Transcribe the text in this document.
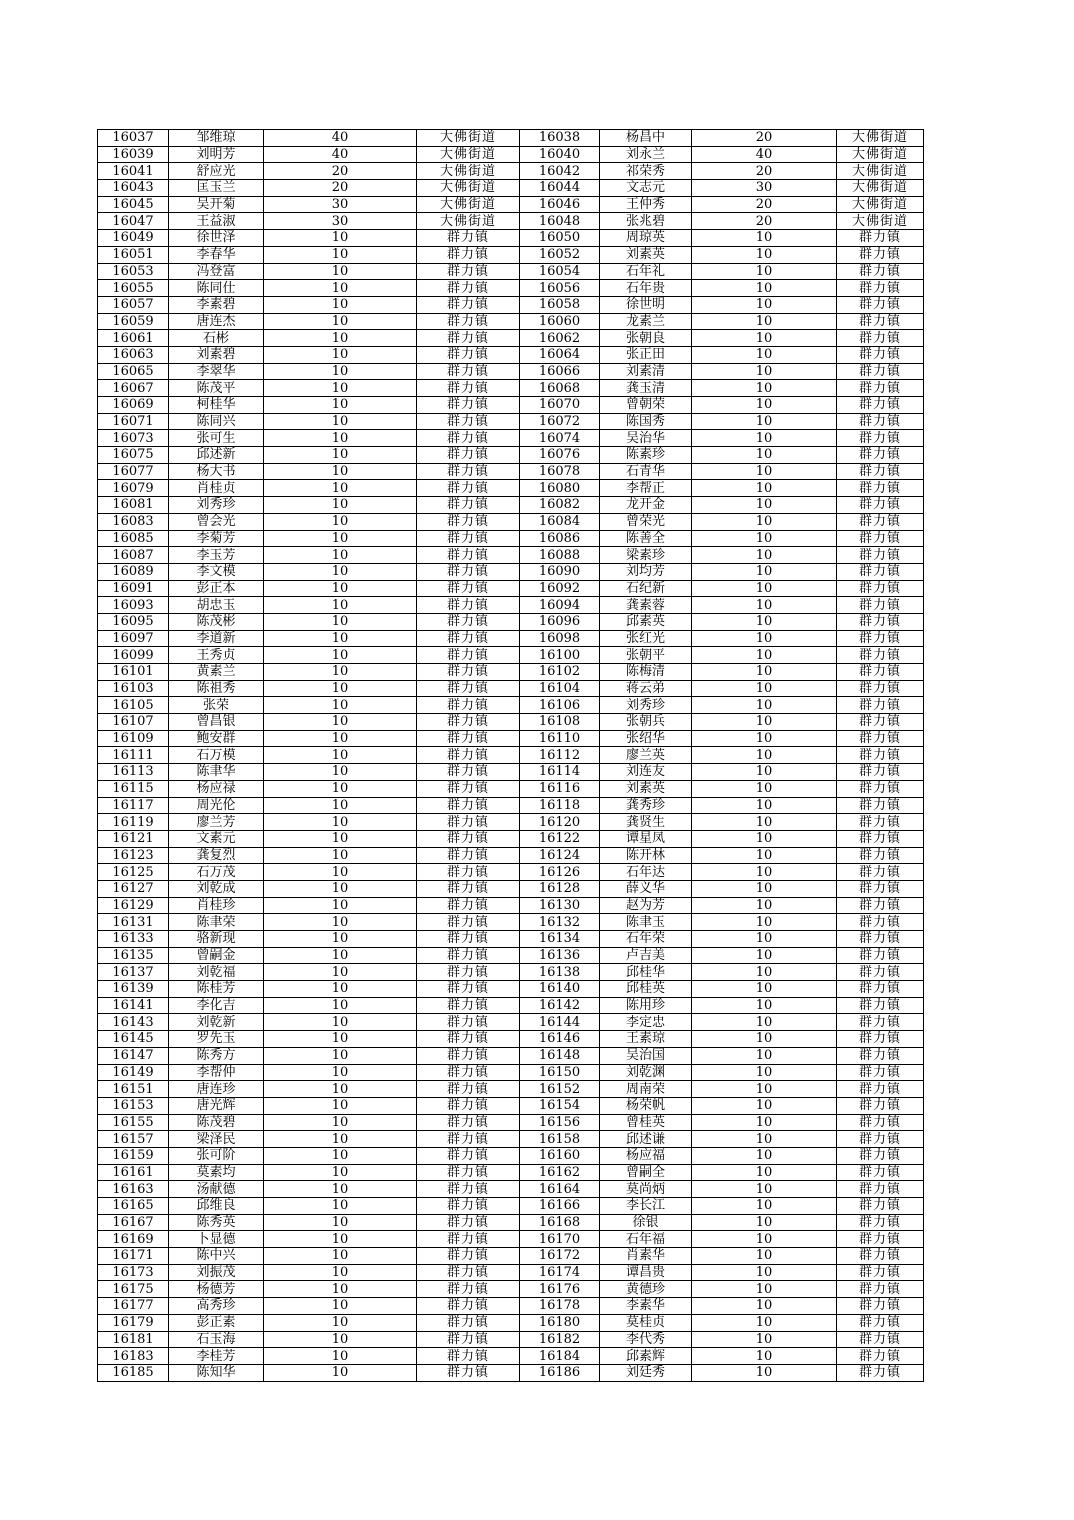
16037	邹维琼	40	大佛街道	16038	杨昌中	20	大佛街道
16039	刘明芳	40	大佛街道	16040	刘永兰	40	大佛街道
16041	舒应光	20	大佛街道	16042	祁荣秀	20	大佛街道
16043	匡玉兰	20	大佛街道	16044	文志元	30	大佛街道
16045	吴开菊	30	大佛街道	16046	王仲秀	20	大佛街道
16047	王益淑	30	大佛街道	16048	张兆碧	20	大佛街道
16049	徐世泽	10	群力镇	16050	周琼英	10	群力镇
16051	李春华	10	群力镇	16052	刘素英	10	群力镇
16053	冯登富	10	群力镇	16054	石年礼	10	群力镇
16055	陈同仕	10	群力镇	16056	石年贵	10	群力镇
16057	李素碧	10	群力镇	16058	徐世明	10	群力镇
16059	唐连杰	10	群力镇	16060	龙素兰	10	群力镇
16061	石彬	10	群力镇	16062	张朝良	10	群力镇
16063	刘素碧	10	群力镇	16064	张正田	10	群力镇
16065	李翠华	10	群力镇	16066	刘素清	10	群力镇
16067	陈茂平	10	群力镇	16068	龚玉清	10	群力镇
16069	柯桂华	10	群力镇	16070	曾朝荣	10	群力镇
16071	陈同兴	10	群力镇	16072	陈国秀	10	群力镇
16073	张可生	10	群力镇	16074	吴治华	10	群力镇
16075	邱述新	10	群力镇	16076	陈素珍	10	群力镇
16077	杨大书	10	群力镇	16078	石青华	10	群力镇
16079	肖桂贞	10	群力镇	16080	李帮正	10	群力镇
16081	刘秀珍	10	群力镇	16082	龙开金	10	群力镇
16083	曾会光	10	群力镇	16084	曾荣光	10	群力镇
16085	李菊芳	10	群力镇	16086	陈善全	10	群力镇
16087	李玉芳	10	群力镇	16088	梁素珍	10	群力镇
16089	李文模	10	群力镇	16090	刘均芳	10	群力镇
16091	彭正本	10	群力镇	16092	石纪新	10	群力镇
16093	胡忠玉	10	群力镇	16094	龚素蓉	10	群力镇
16095	陈茂彬	10	群力镇	16096	邱素英	10	群力镇
16097	李道新	10	群力镇	16098	张红光	10	群力镇
16099	王秀贞	10	群力镇	16100	张朝平	10	群力镇
16101	黄素兰	10	群力镇	16102	陈梅清	10	群力镇
16103	陈祖秀	10	群力镇	16104	蒋云弟	10	群力镇
16105	张荣	10	群力镇	16106	刘秀珍	10	群力镇
16107	曾昌银	10	群力镇	16108	张朝兵	10	群力镇
16109	鲍安群	10	群力镇	16110	张绍华	10	群力镇
16111	石万模	10	群力镇	16112	廖兰英	10	群力镇
16113	陈聿华	10	群力镇	16114	刘连友	10	群力镇
16115	杨应禄	10	群力镇	16116	刘素英	10	群力镇
16117	周光伦	10	群力镇	16118	龚秀珍	10	群力镇
16119	廖兰芳	10	群力镇	16120	龚贤生	10	群力镇
16121	文素元	10	群力镇	16122	谭星凤	10	群力镇
16123	龚复烈	10	群力镇	16124	陈开林	10	群力镇
16125	石万茂	10	群力镇	16126	石年达	10	群力镇
16127	刘乾成	10	群力镇	16128	薛义华	10	群力镇
16129	肖桂珍	10	群力镇	16130	赵为芳	10	群力镇
16131	陈聿荣	10	群力镇	16132	陈聿玉	10	群力镇
16133	骆新现	10	群力镇	16134	石年荣	10	群力镇
16135	曾嗣金	10	群力镇	16136	卢吉美	10	群力镇
16137	刘乾福	10	群力镇	16138	邱桂华	10	群力镇
16139	陈桂芳	10	群力镇	16140	邱桂英	10	群力镇
16141	李化吉	10	群力镇	16142	陈用珍	10	群力镇
16143	刘乾新	10	群力镇	16144	李定忠	10	群力镇
16145	罗先玉	10	群力镇	16146	王素琼	10	群力镇
16147	陈秀方	10	群力镇	16148	吴治国	10	群力镇
16149	李帮仲	10	群力镇	16150	刘乾渊	10	群力镇
16151	唐连珍	10	群力镇	16152	周南荣	10	群力镇
16153	唐光辉	10	群力镇	16154	杨荣帆	10	群力镇
16155	陈茂碧	10	群力镇	16156	曾桂英	10	群力镇
16157	梁泽民	10	群力镇	16158	邱述谦	10	群力镇
16159	张可阶	10	群力镇	16160	杨应福	10	群力镇
16161	莫素均	10	群力镇	16162	曾嗣全	10	群力镇
16163	汤献德	10	群力镇	16164	莫尚炳	10	群力镇
16165	邱维良	10	群力镇	16166	李长江	10	群力镇
16167	陈秀英	10	群力镇	16168	徐银	10	群力镇
16169	卜显德	10	群力镇	16170	石年福	10	群力镇
16171	陈中兴	10	群力镇	16172	肖素华	10	群力镇
16173	刘振茂	10	群力镇	16174	谭昌贵	10	群力镇
16175	杨德芳	10	群力镇	16176	黄德珍	10	群力镇
16177	高秀珍	10	群力镇	16178	李素华	10	群力镇
16179	彭正素	10	群力镇	16180	莫桂贞	10	群力镇
16181	石玉海	10	群力镇	16182	李代秀	10	群力镇
16183	李桂芳	10	群力镇	16184	邱素辉	10	群力镇
16185	陈知华	10	群力镇	16186	刘廷秀	10	群力镇
